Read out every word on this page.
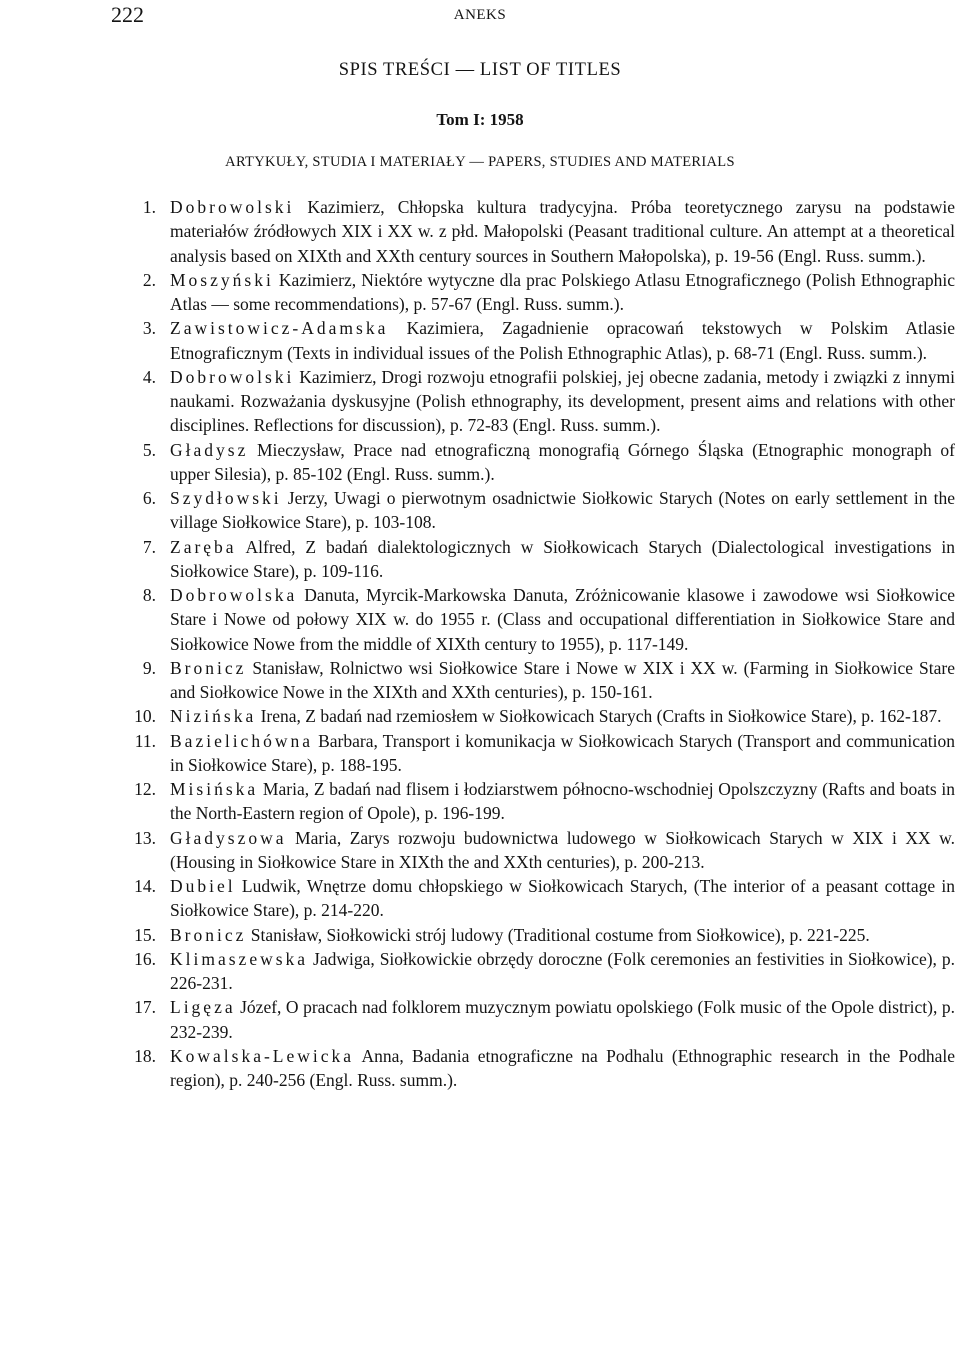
222	ANEKS
SPIS TREŚCI — LIST OF TITLES
Tom I: 1958
ARTYKUŁY, STUDIA I MATERIAŁY — PAPERS, STUDIES AND MATERIALS
1. Dobrowolski Kazimierz, Chłopska kultura tradycyjna. Próba teoretycznego zarysu na podstawie materiałów źródłowych XIX i XX w. z płd. Małopolski (Peasant traditional culture. An attempt at a theoretical analysis based on XIXth and XXth century sources in Southern Małopolska), p. 19-56 (Engl. Russ. summ.).
2. Moszyński Kazimierz, Niektóre wytyczne dla prac Polskiego Atlasu Etnograficznego (Polish Ethnographic Atlas — some recommendations), p. 57-67 (Engl. Russ. summ.).
3. Zawistowicz-Adamska Kazimiera, Zagadnienie opracowań tekstowych w Polskim Atlasie Etnograficznym (Texts in individual issues of the Polish Ethnographic Atlas), p. 68-71 (Engl. Russ. summ.).
4. Dobrowolski Kazimierz, Drogi rozwoju etnografii polskiej, jej obecne zadania, metody i związki z innymi naukami. Rozważania dyskusyjne (Polish ethnography, its development, present aims and relations with other disciplines. Reflections for discussion), p. 72-83 (Engl. Russ. summ.).
5. Gładysz Mieczysław, Prace nad etnograficzną monografią Górnego Śląska (Etnographic monograph of upper Silesia), p. 85-102 (Engl. Russ. summ.).
6. Szydłowski Jerzy, Uwagi o pierwotnym osadnictwie Siołkowic Starych (Notes on early settlement in the village Siołkowice Stare), p. 103-108.
7. Zaręba Alfred, Z badań dialektologicznych w Siołkowicach Starych (Dialectological investigations in Siołkowice Stare), p. 109-116.
8. Dobrowolska Danuta, Myrcik-Markowska Danuta, Zróżnicowanie klasowe i zawodowe wsi Siołkowice Stare i Nowe od połowy XIX w. do 1955 r. (Class and occupational differentiation in Siołkowice Stare and Siołkowice Nowe from the middle of XIXth century to 1955), p. 117-149.
9. Bronicz Stanisław, Rolnictwo wsi Siołkowice Stare i Nowe w XIX i XX w. (Farming in Siołkowice Stare and Siołkowice Nowe in the XIXth and XXth centuries), p. 150-161.
10. Nizińska Irena, Z badań nad rzemiosłem w Siołkowicach Starych (Crafts in Siołkowice Stare), p. 162-187.
11. Bazielichówna Barbara, Transport i komunikacja w Siołkowicach Starych (Transport and communication in Siołkowice Stare), p. 188-195.
12. Misińska Maria, Z badań nad flisem i łodziarstwem północno-wschodniej Opolszczyzny (Rafts and boats in the North-Eastern region of Opole), p. 196-199.
13. Gładyszowa Maria, Zarys rozwoju budownictwa ludowego w Siołkowicach Starych w XIX i XX w. (Housing in Siołkowice Stare in XIXth the and XXth centuries), p. 200-213.
14. Dubiel Ludwik, Wnętrze domu chłopskiego w Siołkowicach Starych, (The interior of a peasant cottage in Siołkowice Stare), p. 214-220.
15. Bronicz Stanisław, Siołkowicki strój ludowy (Traditional costume from Siołkowice), p. 221-225.
16. Klimaszewska Jadwiga, Siołkowickie obrzędy doroczne (Folk ceremonies an festivities in Siołkowice), p. 226-231.
17. Ligęza Józef, O pracach nad folklorem muzycznym powiatu opolskiego (Folk music of the Opole district), p. 232-239.
18. Kowalska-Lewicka Anna, Badania etnograficzne na Podhalu (Ethnographic research in the Podhale region), p. 240-256 (Engl. Russ. summ.).
